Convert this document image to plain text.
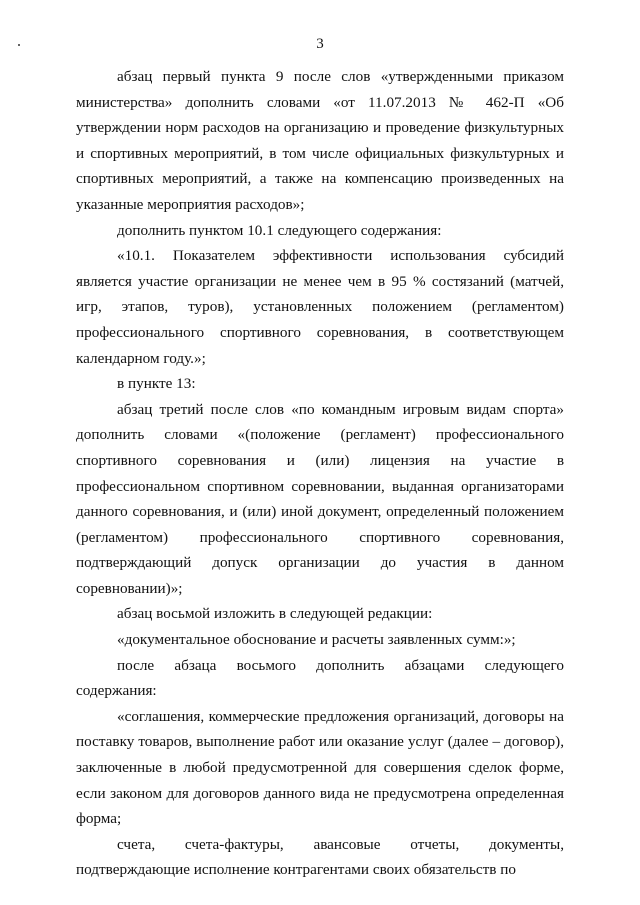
3

абзац первый пункта 9 после слов «утвержденными приказом министерства» дополнить словами «от 11.07.2013 № 462-П «Об утверждении норм расходов на организацию и проведение физкультурных и спортивных мероприятий, в том числе официальных физкультурных и спортивных мероприятий, а также на компенсацию произведенных на указанные мероприятия расходов»;

дополнить пунктом 10.1 следующего содержания:

«10.1. Показателем эффективности использования субсидий является участие организации не менее чем в 95 % состязаний (матчей, игр, этапов, туров), установленных положением (регламентом) профессионального спортивного соревнования, в соответствующем календарном году.»;

в пункте 13:

абзац третий после слов «по командным игровым видам спорта» дополнить словами «(положение (регламент) профессионального спортивного соревнования и (или) лицензия на участие в профессиональном спортивном соревновании, выданная организаторами данного соревнования, и (или) иной документ, определенный положением (регламентом) профессионального спортивного соревнования, подтверждающий допуск организации до участия в данном соревновании)»;

абзац восьмой изложить в следующей редакции:

«документальное обоснование и расчеты заявленных сумм:»;

после абзаца восьмого дополнить абзацами следующего содержания:

«соглашения, коммерческие предложения организаций, договоры на поставку товаров, выполнение работ или оказание услуг (далее – договор), заключенные в любой предусмотренной для совершения сделок форме, если законом для договоров данного вида не предусмотрена определенная форма;

счета, счета-фактуры, авансовые отчеты, документы, подтверждающие исполнение контрагентами своих обязательств по
